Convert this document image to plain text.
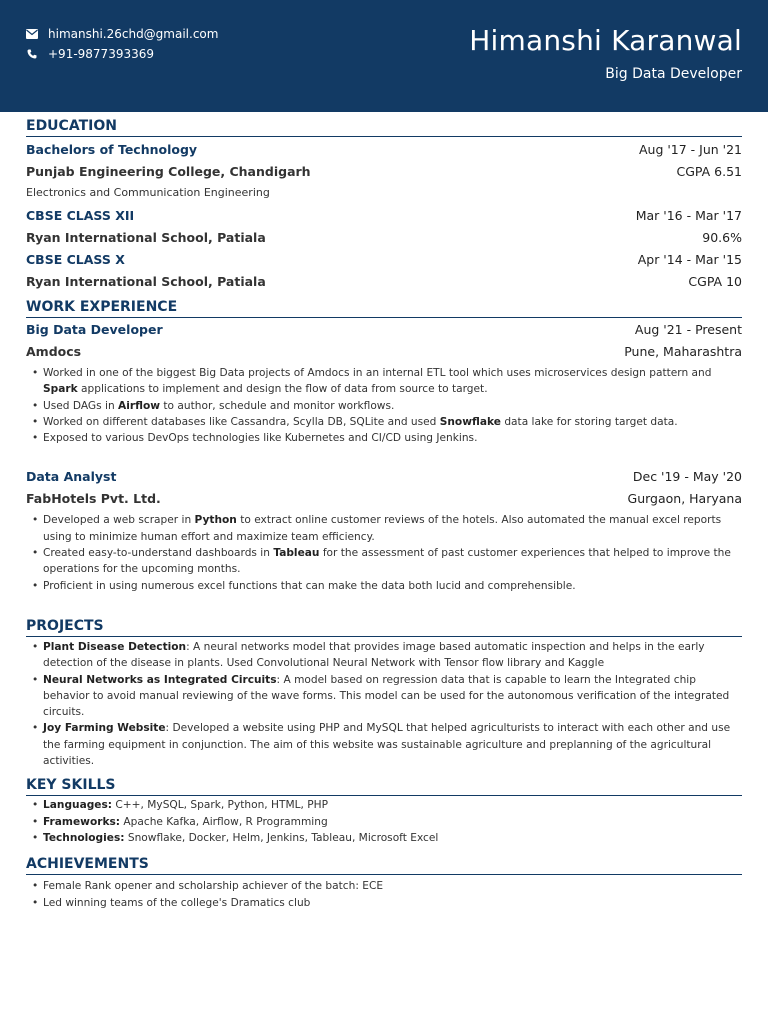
himanshi.26chd@gmail.com
+91-9877393369	Himanshi Karanwal
Big Data Developer
EDUCATION
Bachelors of Technology	Aug '17 - Jun '21
Punjab Engineering College, Chandigarh	CGPA 6.51
Electronics and Communication Engineering
CBSE CLASS XII	Mar '16 - Mar '17
Ryan International School, Patiala	90.6%
CBSE CLASS X	Apr '14 - Mar '15
Ryan International School, Patiala	CGPA 10
WORK EXPERIENCE
Big Data Developer	Aug '21 - Present
Amdocs	Pune, Maharashtra
• Worked in one of the biggest Big Data projects of Amdocs in an internal ETL tool which uses microservices design pattern and Spark applications to implement and design the flow of data from source to target.
• Used DAGs in Airflow to author, schedule and monitor workflows.
• Worked on different databases like Cassandra, Scylla DB, SQLite and used Snowflake data lake for storing target data.
• Exposed to various DevOps technologies like Kubernetes and CI/CD using Jenkins.
Data Analyst	Dec '19 - May '20
FabHotels Pvt. Ltd.	Gurgaon, Haryana
• Developed a web scraper in Python to extract online customer reviews of the hotels. Also automated the manual excel reports using to minimize human effort and maximize team efficiency.
• Created easy-to-understand dashboards in Tableau for the assessment of past customer experiences that helped to improve the operations for the upcoming months.
• Proficient in using numerous excel functions that can make the data both lucid and comprehensible.
PROJECTS
• Plant Disease Detection: A neural networks model that provides image based automatic inspection and helps in the early detection of the disease in plants. Used Convolutional Neural Network with Tensor flow library and Kaggle
• Neural Networks as Integrated Circuits: A model based on regression data that is capable to learn the Integrated chip behavior to avoid manual reviewing of the wave forms. This model can be used for the autonomous verification of the integrated circuits.
• Joy Farming Website: Developed a website using PHP and MySQL that helped agriculturists to interact with each other and use the farming equipment in conjunction. The aim of this website was sustainable agriculture and preplanning of the agricultural activities.
KEY SKILLS
• Languages: C++, MySQL, Spark, Python, HTML, PHP
• Frameworks: Apache Kafka, Airflow, R Programming
• Technologies: Snowflake, Docker, Helm, Jenkins, Tableau, Microsoft Excel
ACHIEVEMENTS
• Female Rank opener and scholarship achiever of the batch: ECE
• Led winning teams of the college's Dramatics club
